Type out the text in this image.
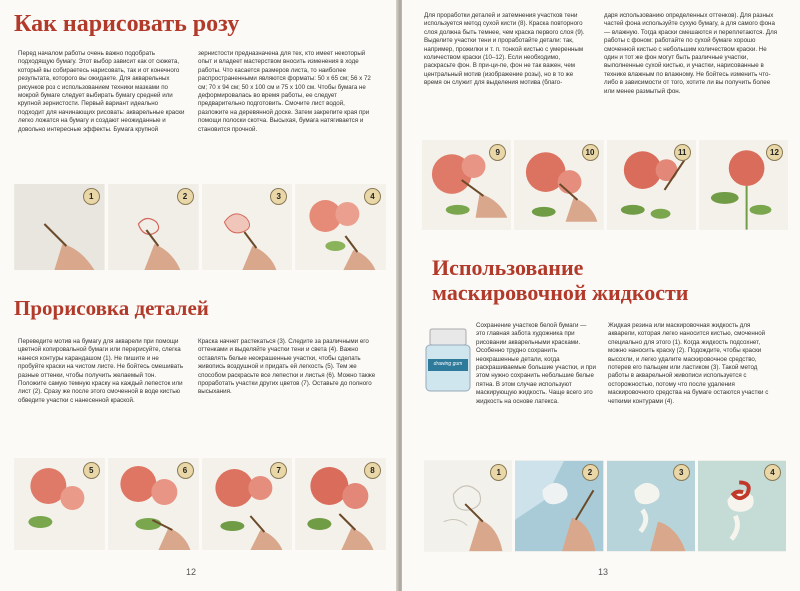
Как нарисовать розу
Перед началом работы очень важно подобрать подходящую бумагу. Этот выбор зависит как от сюжета, который вы собираетесь нарисовать, так и от конечного результата, которого вы ожидаете. Для акварельных рисунков роз с использованием техники мазками по мокрой бумаге следует выбирать бумагу средней или крупной зернистости. Первый вариант идеально подходит для начинающих рисовать: акварельные краски легко ложатся на бумагу и создают неожиданные и довольно интересные эффекты. Бумага крупной
зернистости предназначена для тех, кто имеет некоторый опыт и владеет мастерством вносить изменения в ходе работы. Что касается размеров листа, то наиболее распространенными являются форматы: 50 x 65 см; 56 x 72 см; 70 x 94 см; 50 x 100 см и 75 x 100 см. Чтобы бумага не деформировалась во время работы, ее следует предварительно подготовить. Смочите лист водой, разложите на деревянной доске. Затем закрепите края при помощи полоски скотча. Высыхая, бумага натягивается и становится прочной.
1	2	3	4
Прорисовка деталей
Переведите мотив на бумагу для акварели при помощи цветной копировальной бумаги или перерисуйте, слегка нанеся контуры карандашом (1). Не пишите и не пробуйте краски на чистом листе. Не бойтесь смешивать разные оттенки, чтобы получить желаемый тон. Положите самую темную краску на каждый лепесток или лист (2). Сразу же после этого смоченной в воде кистью обведите участки с нанесенной краской.
Краска начнет растекаться (3). Следите за различными его оттенками и выделяйте участки тени и света (4). Важно оставлять белые неокрашенные участки, чтобы сделать живопись воздушной и придать ей легкость (5). Тем же способом раскрасьте все лепестки и листья (6). Можно также проработать участки других цветов (7). Оставьте до полного высыхания.
5	6	7	8
12
Для проработки деталей и затемнения участков тени используется метод сухой кисти (8). Краска повторного слоя должна быть темнее, чем краска первого слоя (9). Выделите участки тени и проработайте детали: так, например, прожилки и т. п. тонкой кистью с умеренным количеством краски (10–12). Если необходимо, раскрасьте фон. В при-ци-пе, фон не так важен, чем центральный мотив (изображение розы), но в то же время он служит для выделения мотива (благо-
даря использованию определенных оттенков). Для разных частей фона используйте сухую бумагу, а для самого фона — влажную. Тогда краски смешаются и переплетаются. Для работы с фоном: работайте по сухой бумаге хорошо смоченной кистью с небольшим количеством краски. Не один и тот же фон могут быть различные участки, выполненные сухой кистью, и участки, нарисованные в технике влажным по влажному. Не бойтесь изменить что-либо в зависимости от того, хотите ли вы получить более или менее размытый фон.
9	10	11	12
Использование
маскировочной жидкости
drawing gum
Сохранение участков белой бумаги — это главная забота художника при рисовании акварельными красками. Особенно трудно сохранить неокрашенные детали, когда раскрашиваемые большие участки, и при этом нужно сохранить небольшие белые пятна. В этом случае используют маскирующую жидкость. Чаще всего это жидкость на основе латекса.
Жидкая резина или маскировочная жидкость для акварели, которая легко наносится кистью, смоченной специально для этого (1). Когда жидкость подсохнет, можно наносить краску (2). Подождите, чтобы краски высохли, и легко удалите маскировочное средство, потерев его пальцем или ластиком (3). Такой метод работы в акварельной живописи используется с осторожностью, потому что после удаления маскировочного средства на бумаге остаются участки с четкими контурами (4).
1	2	3	4
13
